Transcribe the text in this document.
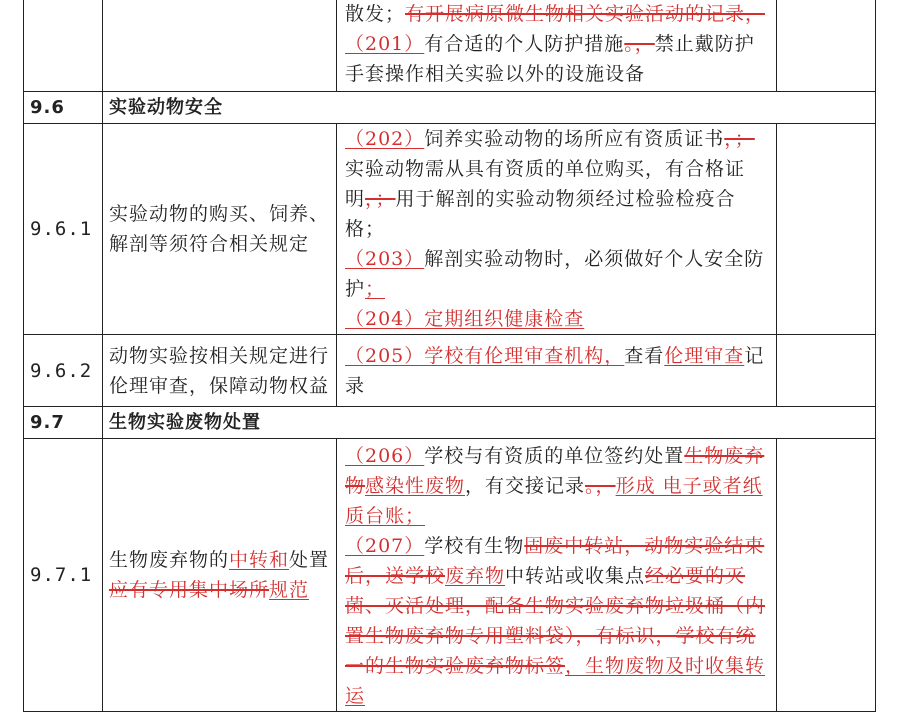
		散发；有开展病原微生物相关实验活动的记录，
（201）有合适的个人防护措施。，禁止戴防护手套操作相关实验以外的设施设备	
9.6	实验动物安全		
9.6.1	实验动物的购买、饲养、解剖等须符合相关规定	（202）饲养实验动物的场所应有资质证书，；实验动物需从具有资质的单位购买，有合格证明，；用于解剖的实验动物须经过检验检疫合格；
（203）解剖实验动物时，必须做好个人安全防护；
（204）定期组织健康检查	
9.6.2	动物实验按相关规定进行伦理审查，保障动物权益	（205）学校有伦理审查机构，查看伦理审查记录	
9.7	生物实验废物处置		
9.7.1	生物废弃物的中转和处置应有专用集中场所规范	（206）学校与有资质的单位签约处置生物废弃物感染性废物，有交接记录。，形成 电子或者纸质台账；
（207）学校有生物固废中转站，动物实验结束后，送学校废弃物中转站或收集点经必要的灭菌、灭活处理，配备生物实验废弃物垃圾桶（内置生物废弃物专用塑料袋），有标识，学校有统一的生物实验废弃物标签，生物废物及时收集转运	
